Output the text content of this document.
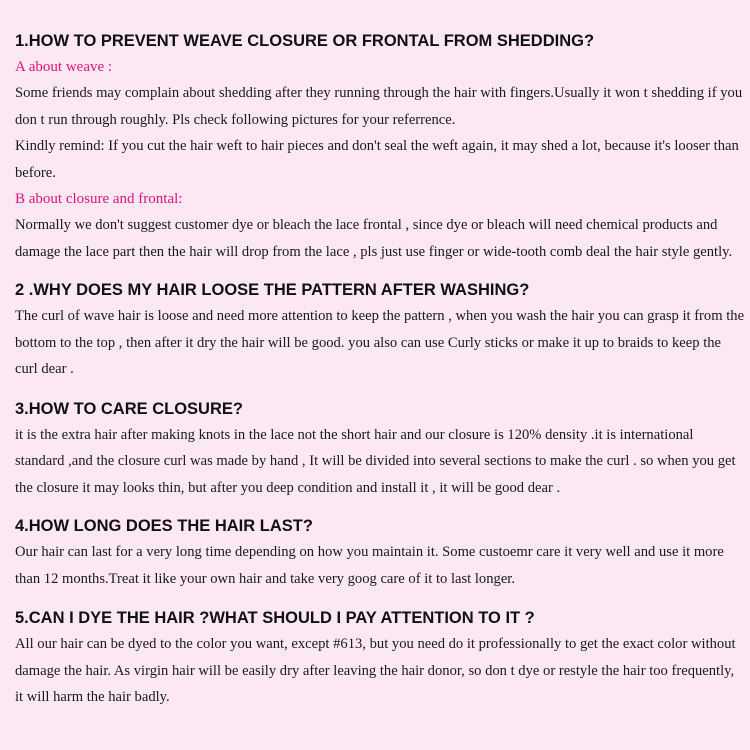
1.HOW TO PREVENT WEAVE CLOSURE OR FRONTAL FROM SHEDDING?

A about weave :

Some friends may complain about shedding after they running through the hair with fingers.Usually it won t shedding if you don t run through roughly. Pls check following pictures for your referrence.

Kindly remind: If you cut the hair weft to hair pieces and don't seal the weft again, it may shed a lot, because it's looser than before.

B about closure and frontal:

Normally we don't suggest customer dye or bleach the lace frontal , since dye or bleach will need chemical products and damage the lace part then the hair will drop from the lace , pls just use finger or wide-tooth comb deal the hair style gently.

2 .WHY DOES MY HAIR LOOSE THE PATTERN AFTER WASHING?

The curl of wave hair is loose and need more attention to keep the pattern , when you wash the hair you can grasp it from the bottom to the top , then after it dry the hair will be good. you also can use Curly sticks or make it up to braids to keep the curl dear .

3.HOW TO CARE CLOSURE?

it is the extra hair after making knots in the lace not the short hair and our closure is 120% density .it is international standard ,and the closure curl was made by hand , It will be divided into several sections to make the curl . so when you get the closure it may looks thin, but after you deep condition and install it , it will be good dear .

4.HOW LONG DOES THE HAIR LAST?

Our hair can last for a very long time depending on how you maintain it. Some custoemr care it very well and use it more than 12 months.Treat it like your own hair and take very goog care of it to last longer.

5.CAN I DYE THE HAIR ?WHAT SHOULD I PAY ATTENTION TO IT ?

All our hair can be dyed to the color you want, except #613, but you need do it professionally to get the exact color without damage the hair. As virgin hair will be easily dry after leaving the hair donor, so don t dye or restyle the hair too frequently, it will harm the hair badly.
